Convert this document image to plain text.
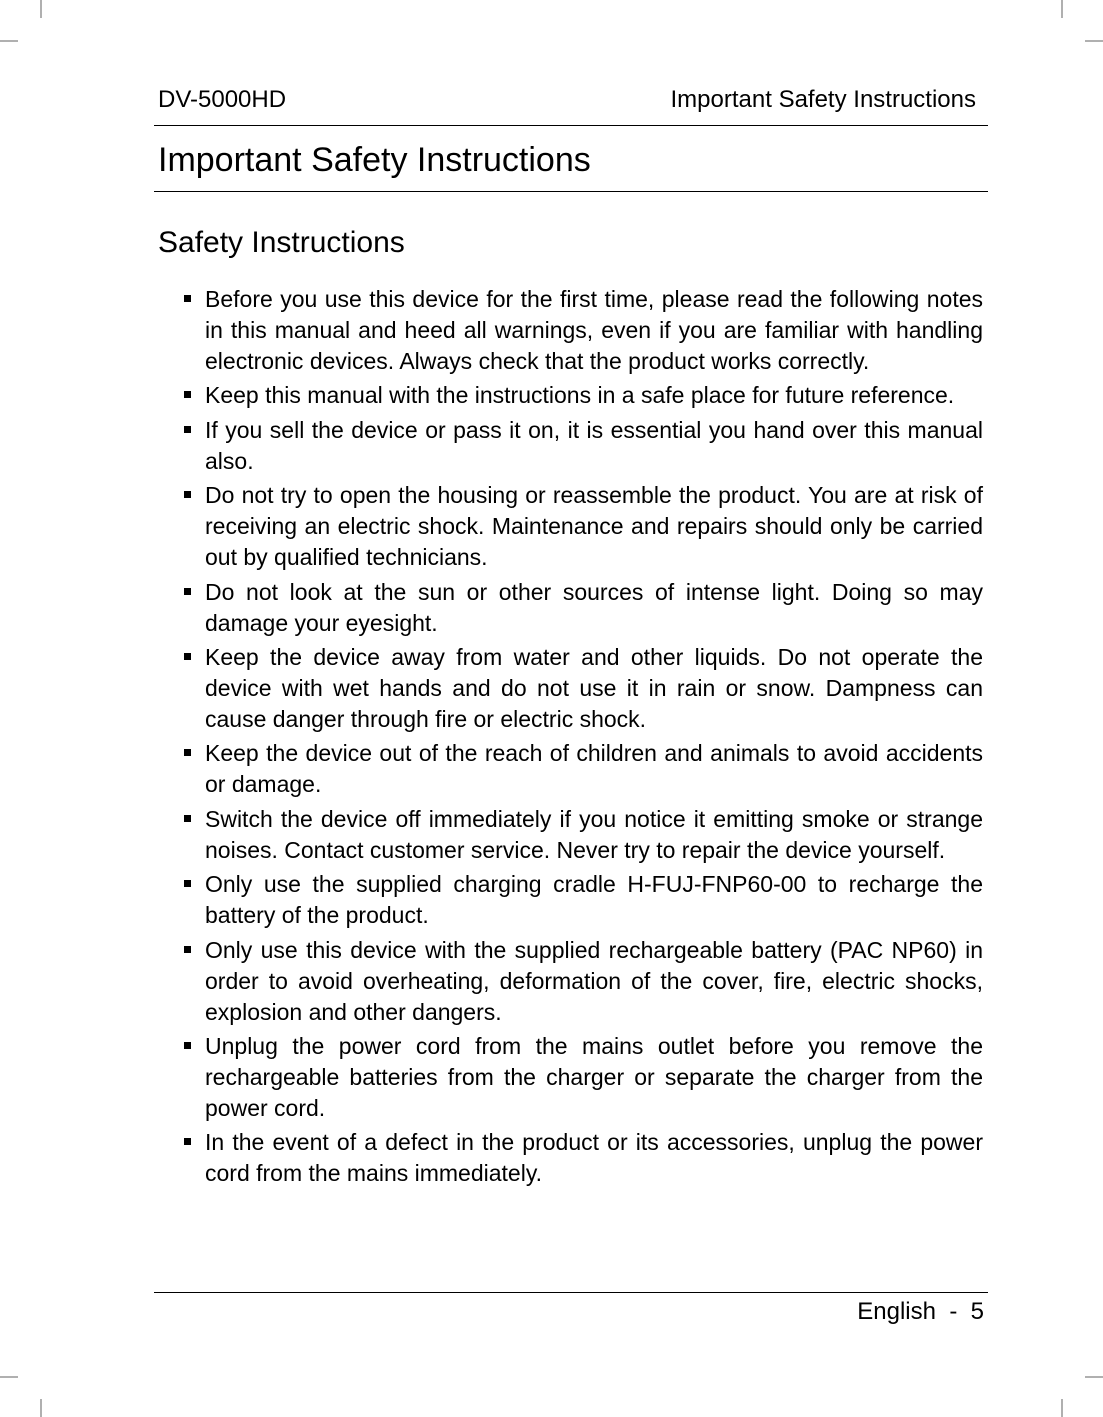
DV-5000HD	Important Safety Instructions
Important Safety Instructions
Safety Instructions
Before you use this device for the first time, please read the following notes in this manual and heed all warnings, even if you are familiar with handling electronic devices. Always check that the product works correctly.
Keep this manual with the instructions in a safe place for future reference.
If you sell the device or pass it on, it is essential you hand over this manual also.
Do not try to open the housing or reassemble the product. You are at risk of receiving an electric shock. Maintenance and repairs should only be carried out by qualified technicians.
Do not look at the sun or other sources of intense light. Doing so may damage your eyesight.
Keep the device away from water and other liquids. Do not operate the device with wet hands and do not use it in rain or snow. Dampness can cause danger through fire or electric shock.
Keep the device out of the reach of children and animals to avoid accidents or damage.
Switch the device off immediately if you notice it emitting smoke or strange noises. Contact customer service. Never try to repair the device yourself.
Only use the supplied charging cradle H-FUJ-FNP60-00 to recharge the battery of the product.
Only use this device with the supplied rechargeable battery (PAC NP60) in order to avoid overheating, deformation of the cover, fire, electric shocks, explosion and other dangers.
Unplug the power cord from the mains outlet before you remove the rechargeable batteries from the charger or separate the charger from the power cord.
In the event of a defect in the product or its accessories, unplug the power cord from the mains immediately.
English  -  5
